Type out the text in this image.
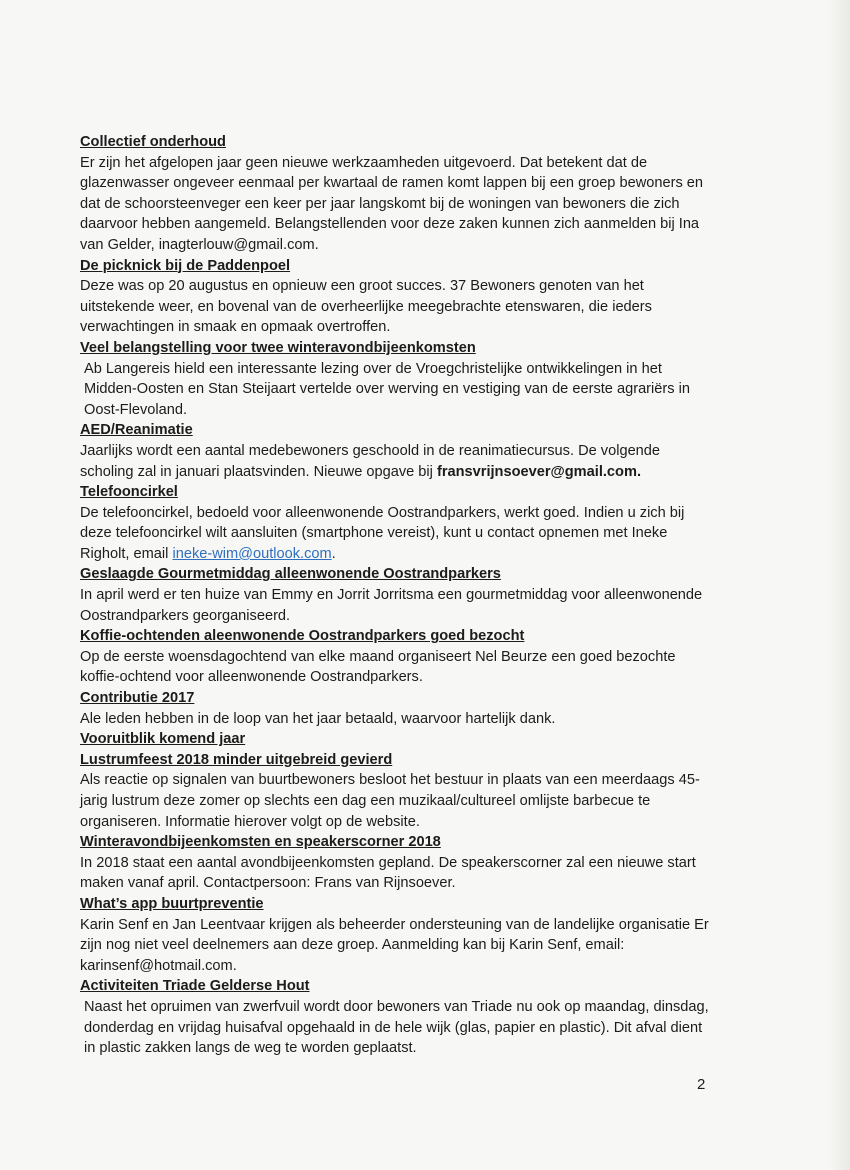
Collectief onderhoud

Er zijn het afgelopen jaar geen nieuwe werkzaamheden uitgevoerd. Dat betekent dat de glazenwasser ongeveer eenmaal per kwartaal de ramen komt lappen bij een groep bewoners en dat de schoorsteenveger een keer per jaar langskomt bij de woningen van bewoners die zich daarvoor hebben aangemeld. Belangstellenden voor deze zaken kunnen zich aanmelden bij Ina van Gelder, inagterlouw@gmail.com.

De picknick bij de Paddenpoel

Deze was op 20 augustus en opnieuw een groot succes. 37 Bewoners genoten van het uitstekende weer, en bovenal van de overheerlijke meegebrachte etenswaren, die ieders verwachtingen in smaak en opmaak overtroffen.

Veel belangstelling voor twee winteravondbijeenkomsten

Ab Langereis hield een interessante lezing over de Vroegchristelijke ontwikkelingen in het Midden-Oosten en Stan Steijaart vertelde over werving en vestiging van de eerste agrariërs in Oost-Flevoland.

AED/Reanimatie

Jaarlijks wordt een aantal medebewoners geschoold in de reanimatiecursus. De volgende scholing zal in januari plaatsvinden. Nieuwe opgave bij fransvrijnsoever@gmail.com.

Telefooncirkel

De telefooncirkel, bedoeld voor alleenwonende Oostrandparkers, werkt goed. Indien u zich bij deze telefooncirkel wilt aansluiten (smartphone vereist), kunt u contact opnemen met Ineke Righolt, email ineke-wim@outlook.com.

Geslaagde Gourmetmiddag alleenwonende Oostrandparkers

In april werd er ten huize van Emmy en Jorrit Jorritsma een gourmetmiddag voor alleenwonende Oostrandparkers georganiseerd.

Koffie-ochtenden aleenwonende Oostrandparkers goed bezocht

Op de eerste woensdagochtend van elke maand organiseert Nel Beurze een goed bezochte koffie-ochtend voor alleenwonende Oostrandparkers.

Contributie 2017

Ale leden hebben in de loop van het jaar betaald, waarvoor hartelijk dank.

Vooruitblik komend jaar
Lustrumfeest 2018 minder uitgebreid gevierd

Als reactie op signalen van buurtbewoners besloot het bestuur in plaats van een meerdaags 45-jarig lustrum deze zomer op slechts een dag een muzikaal/cultureel omlijste barbecue te organiseren. Informatie hierover volgt op de website.

Winteravondbijeenkomsten en speakerscorner 2018

In 2018 staat een aantal avondbijeenkomsten gepland. De speakerscorner zal een nieuwe start maken vanaf april. Contactpersoon: Frans van Rijnsoever.

What’s app buurtpreventie

Karin Senf en Jan Leentvaar krijgen als beheerder ondersteuning van de landelijke organisatie Er zijn nog niet veel deelnemers aan deze groep. Aanmelding kan bij Karin Senf, email: karinsenf@hotmail.com.

Activiteiten Triade Gelderse Hout

Naast het opruimen van zwerfvuil wordt door bewoners van Triade nu ook op maandag, dinsdag, donderdag en vrijdag huisafval opgehaald in de hele wijk (glas, papier en plastic). Dit afval dient in plastic zakken langs de weg te worden geplaatst.

2
